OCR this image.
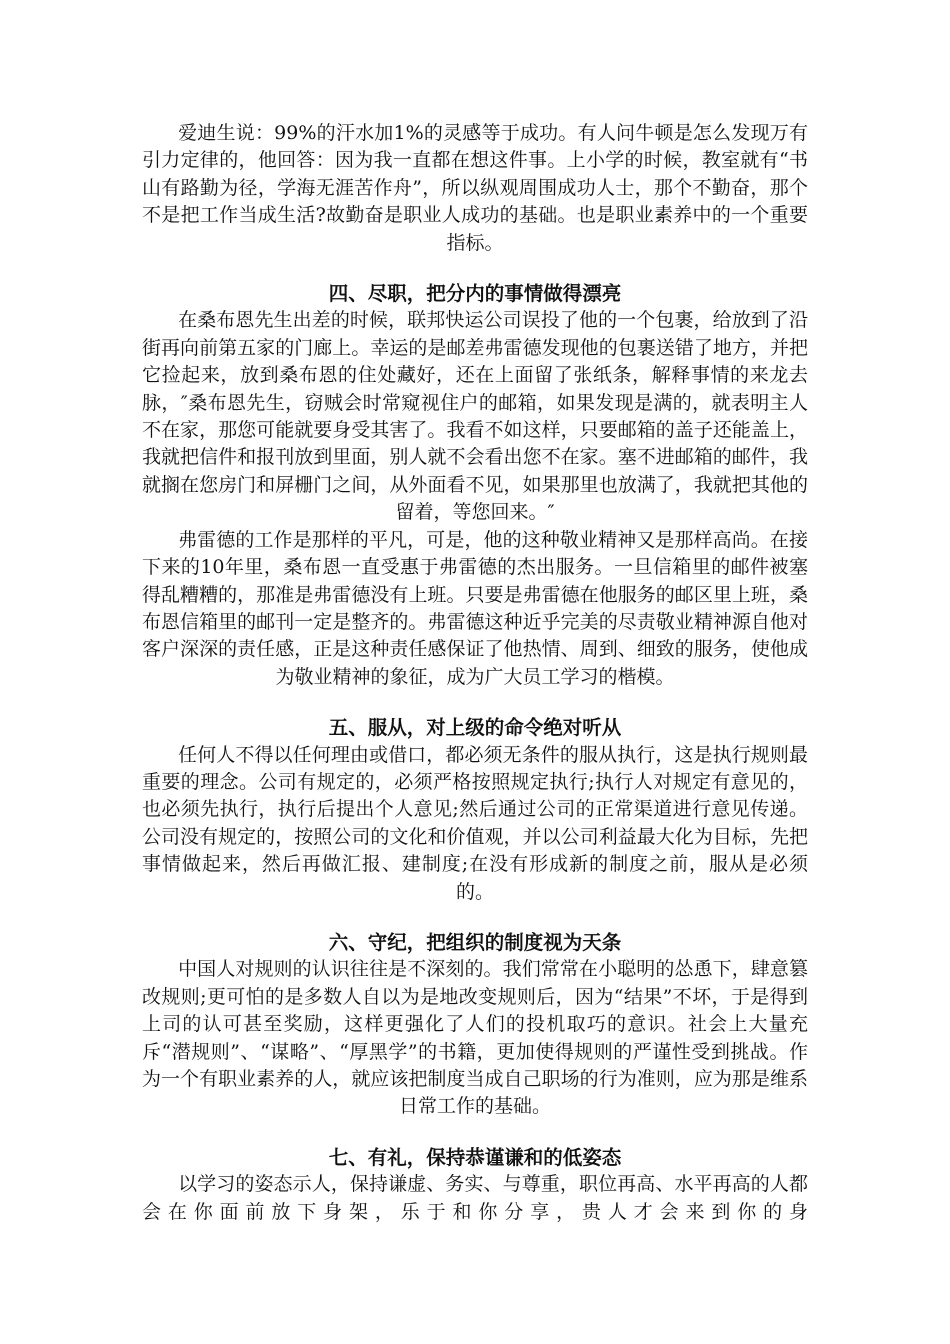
爱迪生说：99%的汗水加1%的灵感等于成功。有人问牛顿是怎么发现万有引力定律的，他回答：因为我一直都在想这件事。上小学的时候，教室就有“书山有路勤为径，学海无涯苦作舟”，所以纵观周围成功人士，那个不勤奋，那个不是把工作当成生活?故勤奋是职业人成功的基础。也是职业素养中的一个重要指标。

四、尽职，把分内的事情做得漂亮

在桑布恩先生出差的时候，联邦快运公司误投了他的一个包裹，给放到了沿街再向前第五家的门廊上。幸运的是邮差弗雷德发现他的包裹送错了地方，并把它捡起来，放到桑布恩的住处藏好，还在上面留了张纸条，解释事情的来龙去脉，″桑布恩先生，窃贼会时常窥视住户的邮箱，如果发现是满的，就表明主人不在家，那您可能就要身受其害了。我看不如这样，只要邮箱的盖子还能盖上，我就把信件和报刊放到里面，别人就不会看出您不在家。塞不进邮箱的邮件，我就搁在您房门和屏栅门之间，从外面看不见，如果那里也放满了，我就把其他的留着，等您回来。″

弗雷德的工作是那样的平凡，可是，他的这种敬业精神又是那样高尚。在接下来的10年里，桑布恩一直受惠于弗雷德的杰出服务。一旦信箱里的邮件被塞得乱糟糟的，那准是弗雷德没有上班。只要是弗雷德在他服务的邮区里上班，桑布恩信箱里的邮刊一定是整齐的。弗雷德这种近乎完美的尽责敬业精神源自他对客户深深的责任感，正是这种责任感保证了他热情、周到、细致的服务，使他成为敬业精神的象征，成为广大员工学习的楷模。

五、服从，对上级的命令绝对听从

任何人不得以任何理由或借口，都必须无条件的服从执行，这是执行规则最重要的理念。公司有规定的，必须严格按照规定执行;执行人对规定有意见的，也必须先执行，执行后提出个人意见;然后通过公司的正常渠道进行意见传递。公司没有规定的，按照公司的文化和价值观，并以公司利益最大化为目标，先把事情做起来，然后再做汇报、建制度;在没有形成新的制度之前，服从是必须的。

六、守纪，把组织的制度视为天条

中国人对规则的认识往往是不深刻的。我们常常在小聪明的怂恿下，肆意篡改规则;更可怕的是多数人自以为是地改变规则后，因为“结果”不坏，于是得到上司的认可甚至奖励，这样更强化了人们的投机取巧的意识。社会上大量充斥“潜规则”、“谋略”、“厚黑学”的书籍，更加使得规则的严谨性受到挑战。作为一个有职业素养的人，就应该把制度当成自己职场的行为准则，应为那是维系日常工作的基础。

七、有礼，保持恭谨谦和的低姿态

以学习的姿态示人，保持谦虚、务实、与尊重，职位再高、水平再高的人都会在你面前放下身架，乐于和你分享，贵人才会来到你的身
